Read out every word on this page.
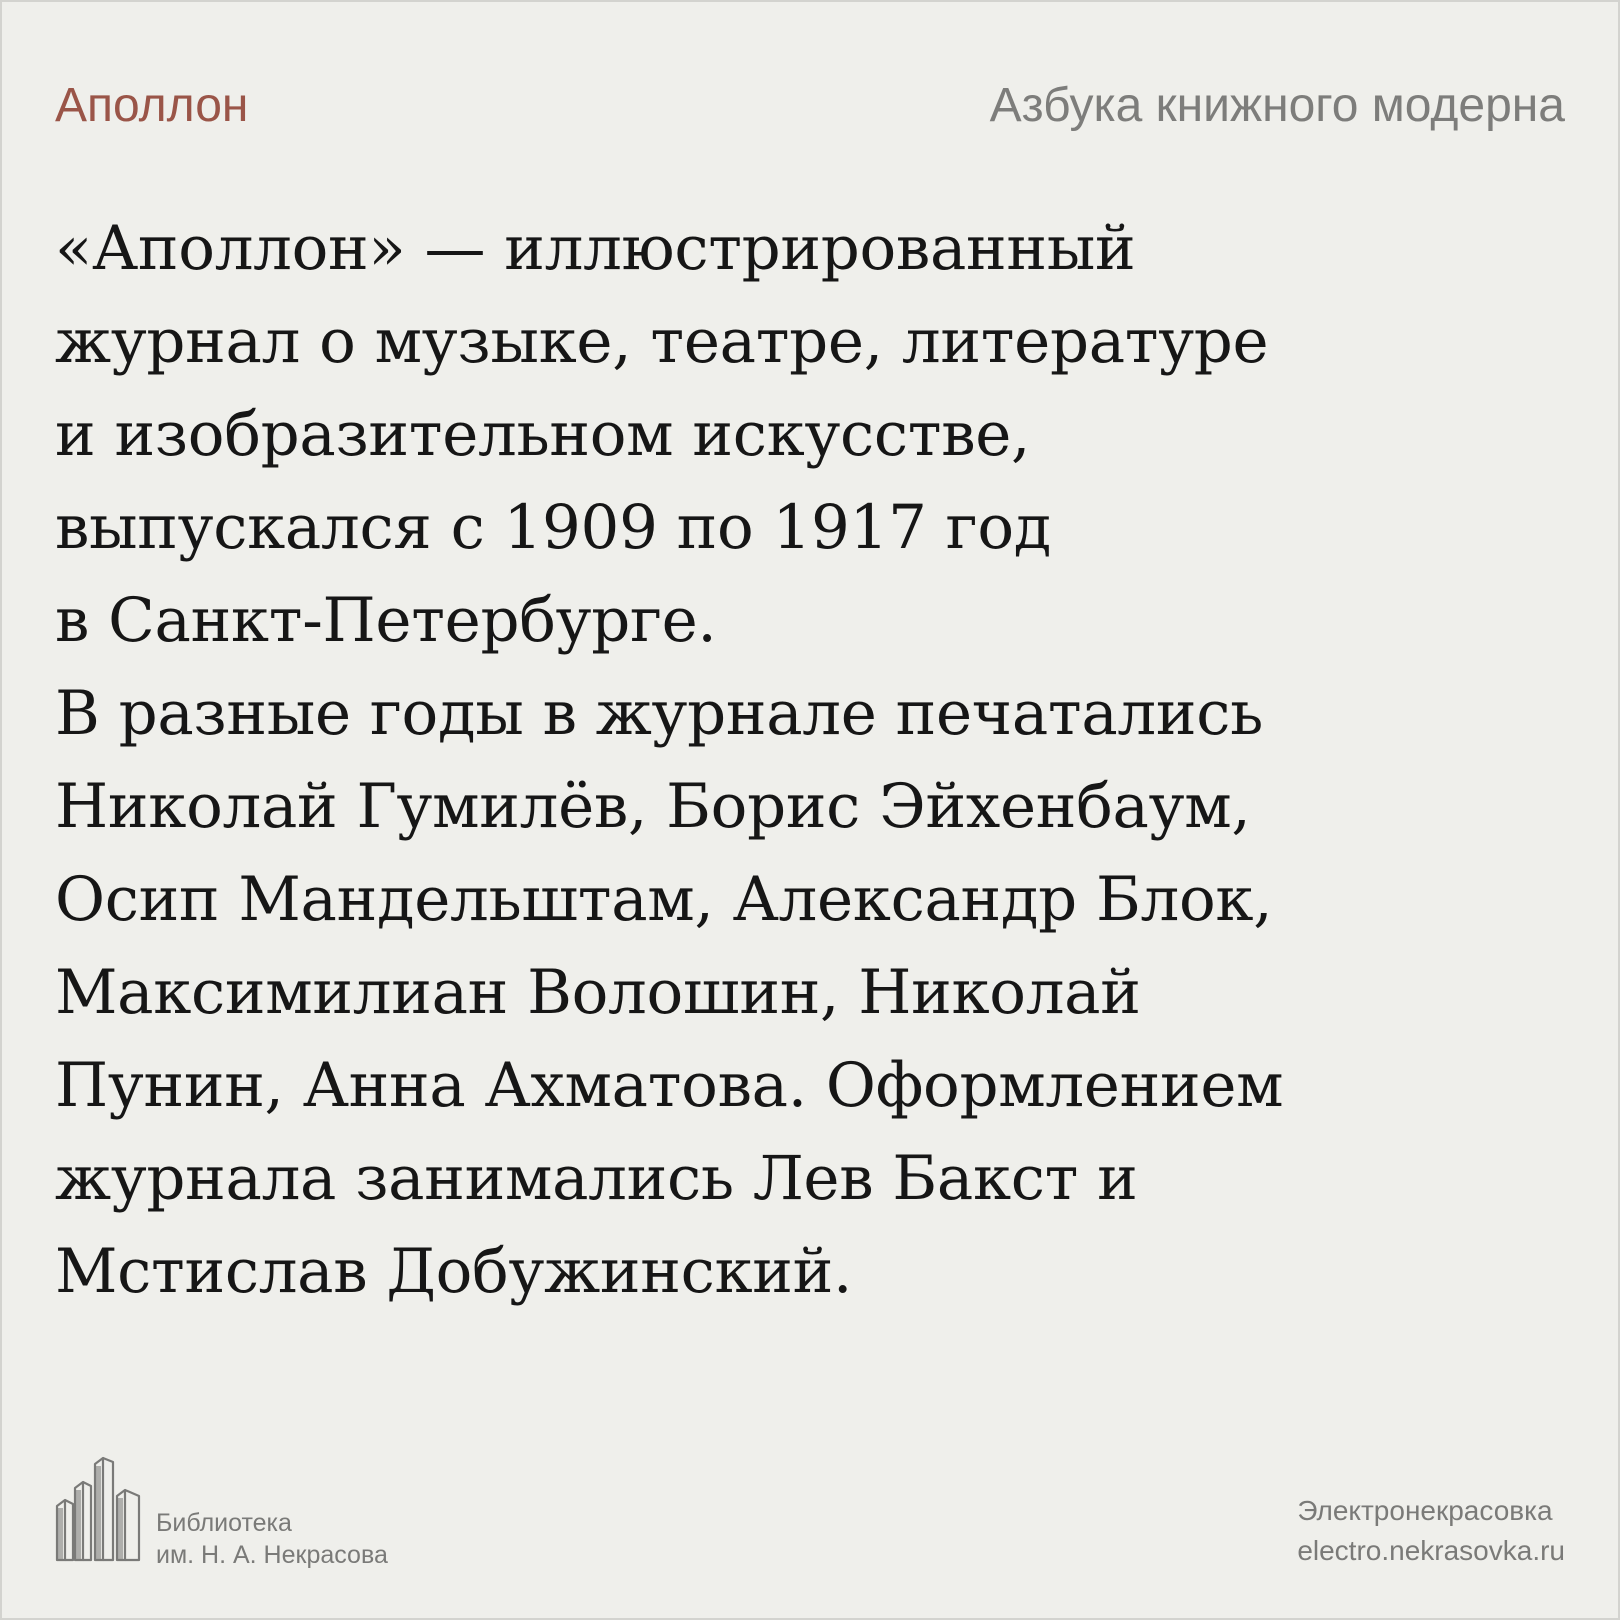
Аполлон	Азбука книжного модерна
«Аполлон» — иллюстрированный
журнал о музыке, театре, литературе
и изобразительном искусстве,
выпускался с 1909 по 1917 год
в Санкт-Петербурге.
В разные годы в журнале печатались
Николай Гумилёв, Борис Эйхенбаум,
Осип Мандельштам, Александр Блок,
Максимилиан Волошин, Николай
Пунин, Анна Ахматова. Оформлением
журнала занимались Лев Бакст и
Мстислав Добужинский.
Библиотека
им. Н. А. Некрасова
Электронекрасовка
electro.nekrasovka.ru
